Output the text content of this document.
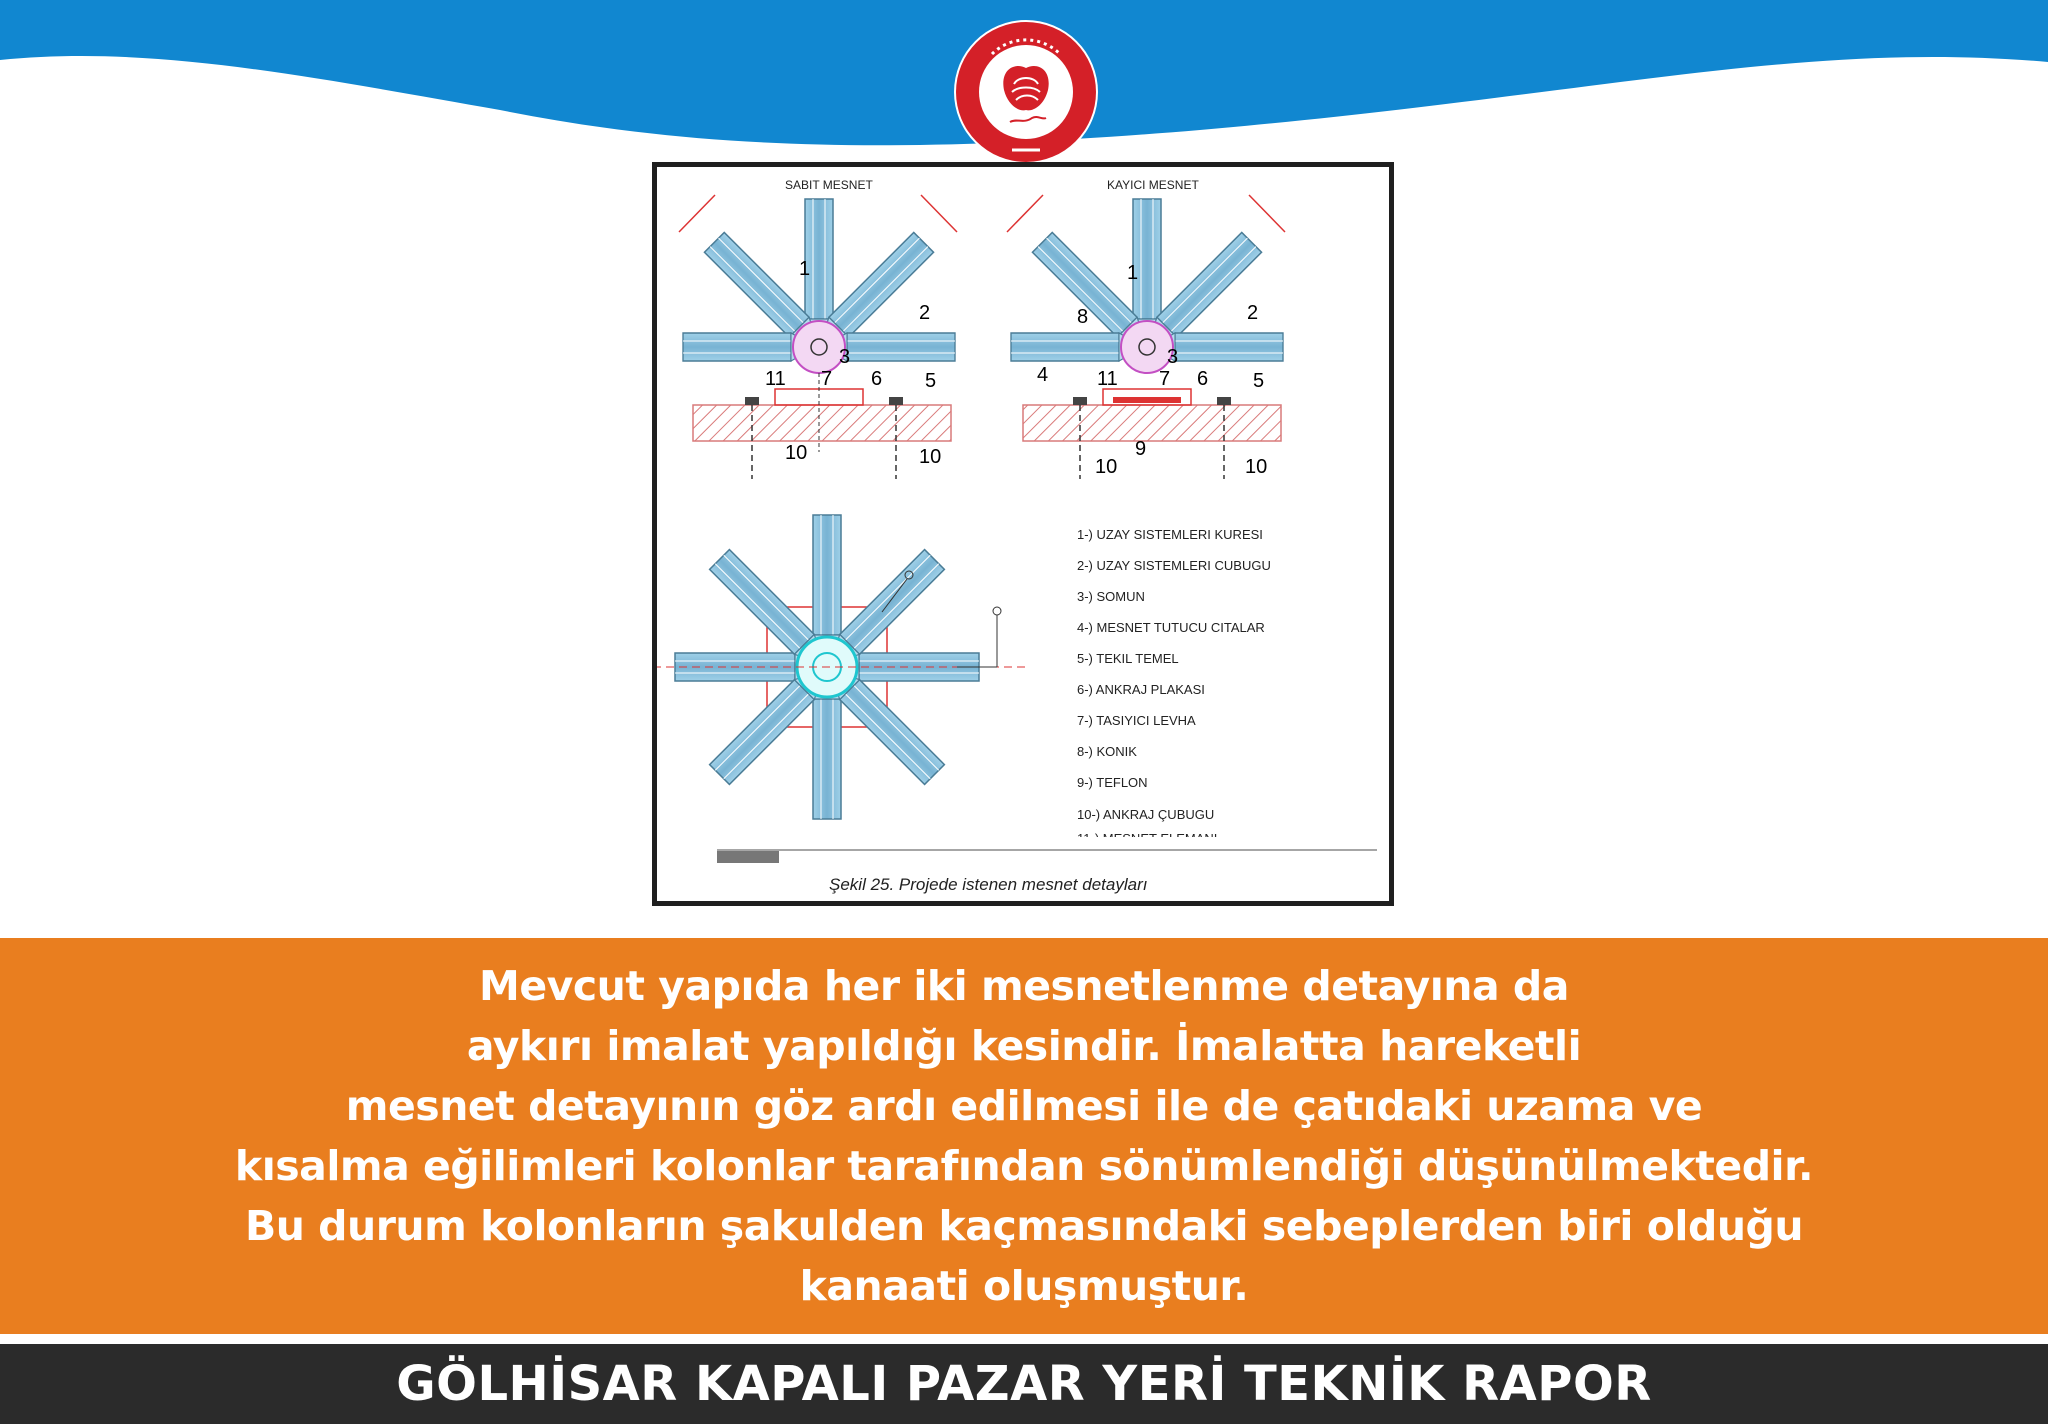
SABIT MESNET
1
2
3
11 7 6 5
10	10
KAYICI MESNET
1
8	2
3
4 11 7 6 5
9
10	10
1-) UZAY SISTEMLERI KURESI
2-) UZAY SISTEMLERI CUBUGU
3-) SOMUN
4-) MESNET TUTUCU CITALAR
5-) TEKIL TEMEL
6-) ANKRAJ PLAKASI
7-) TASIYICI LEVHA
8-) KONIK
9-) TEFLON
10-) ANKRAJ ÇUBUGU
Şekil 25. Projede istenen mesnet detayları

Mevcut yapıda her iki mesnetlenme detayına da
aykırı imalat yapıldığı kesindir. İmalatta hareketli
mesnet detayının göz ardı edilmesi ile de çatıdaki uzama ve
kısalma eğilimleri kolonlar tarafından sönümlendiği düşünülmektedir.
Bu durum kolonların şakulden kaçmasındaki sebeplerden biri olduğu
kanaati oluşmuştur.

GÖLHİSAR KAPALI PAZAR YERİ TEKNİK RAPOR
